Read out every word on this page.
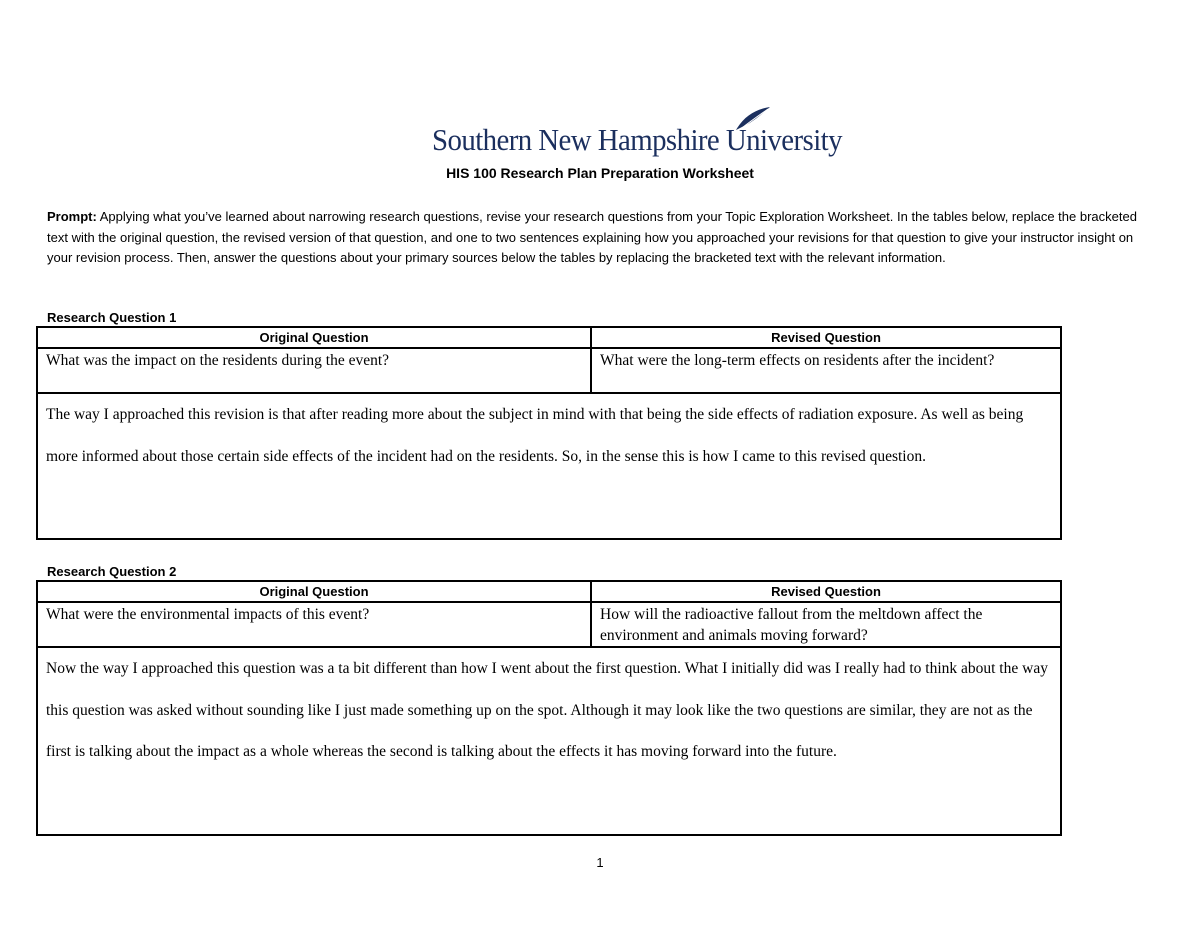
Southern New Hampshire University
HIS 100 Research Plan Preparation Worksheet
Prompt: Applying what you’ve learned about narrowing research questions, revise your research questions from your Topic Exploration Worksheet. In the tables below, replace the bracketed text with the original question, the revised version of that question, and one to two sentences explaining how you approached your revisions for that question to give your instructor insight on your revision process. Then, answer the questions about your primary sources below the tables by replacing the bracketed text with the relevant information.
Research Question 1
Original Question	Revised Question
What was the impact on the residents during the event?	What were the long-term effects on residents after the incident?
The way I approached this revision is that after reading more about the subject in mind with that being the side effects of radiation exposure. As well as being more informed about those certain side effects of the incident had on the residents. So, in the sense this is how I came to this revised question.	
Research Question 2
Original Question	Revised Question
What were the environmental impacts of this event?	How will the radioactive fallout from the meltdown affect the environment and animals moving forward?
Now the way I approached this question was a ta bit different than how I went about the first question. What I initially did was I really had to think about the way this question was asked without sounding like I just made something up on the spot. Although it may look like the two questions are similar, they are not as the first is talking about the impact as a whole whereas the second is talking about the effects it has moving forward into the future.	
1
